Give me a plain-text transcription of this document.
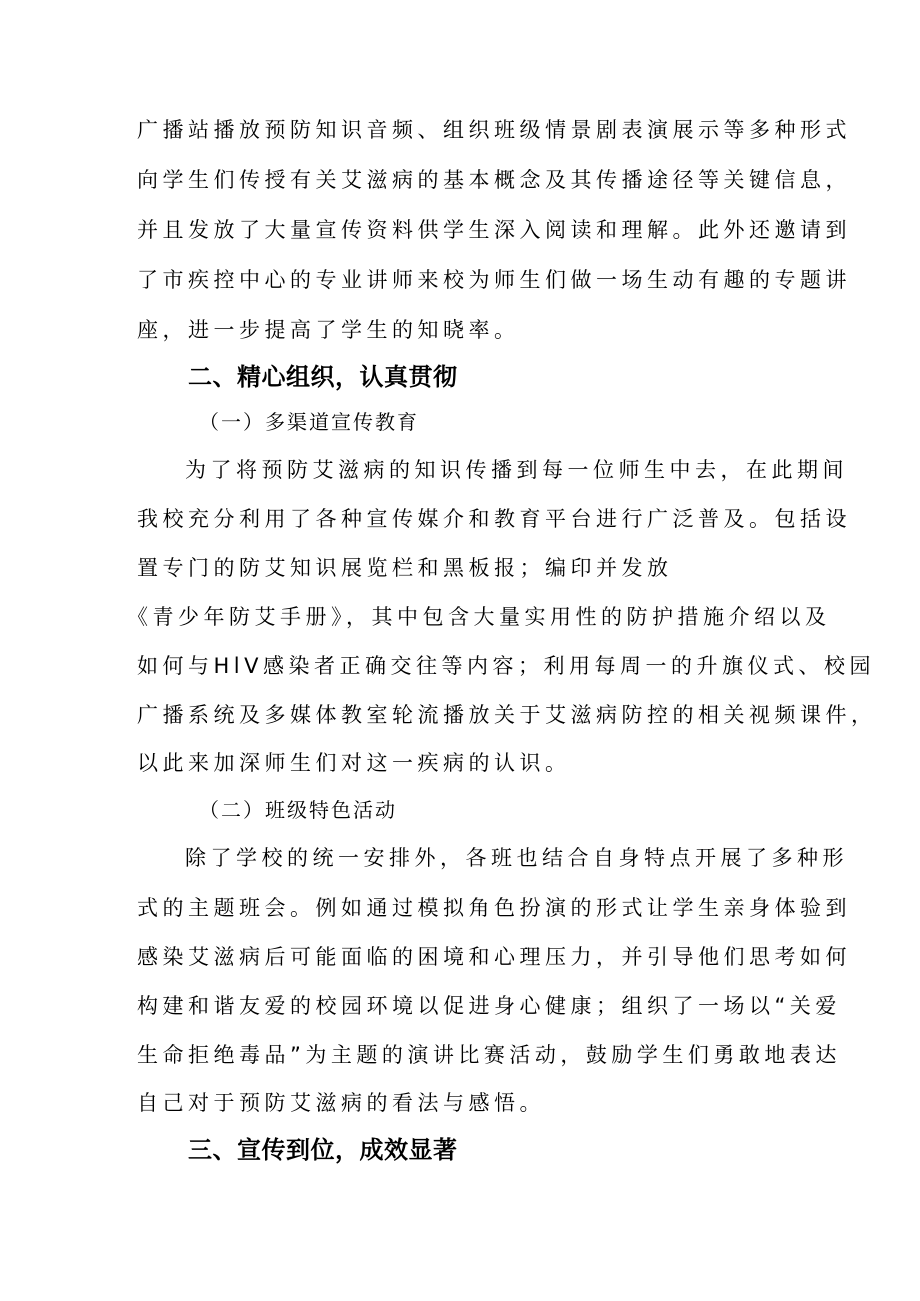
广播站播放预防知识音频、组织班级情景剧表演展示等多种形式
向学生们传授有关艾滋病的基本概念及其传播途径等关键信息，
并且发放了大量宣传资料供学生深入阅读和理解。此外还邀请到
了市疾控中心的专业讲师来校为师生们做一场生动有趣的专题讲
座，进一步提高了学生的知晓率。
二、精心组织，认真贯彻
（一）多渠道宣传教育
为了将预防艾滋病的知识传播到每一位师生中去，在此期间
我校充分利用了各种宣传媒介和教育平台进行广泛普及。包括设
置专门的防艾知识展览栏和黑板报；编印并发放
《青少年防艾手册》，其中包含大量实用性的防护措施介绍以及
如何与HlV感染者正确交往等内容；利用每周一的升旗仪式、校园
广播系统及多媒体教室轮流播放关于艾滋病防控的相关视频课件，
以此来加深师生们对这一疾病的认识。
（二）班级特色活动
除了学校的统一安排外，各班也结合自身特点开展了多种形
式的主题班会。例如通过模拟角色扮演的形式让学生亲身体验到
感染艾滋病后可能面临的困境和心理压力，并引导他们思考如何
构建和谐友爱的校园环境以促进身心健康；组织了一场以“关爱
生命拒绝毒品”为主题的演讲比赛活动，鼓励学生们勇敢地表达
自己对于预防艾滋病的看法与感悟。
三、宣传到位，成效显著
